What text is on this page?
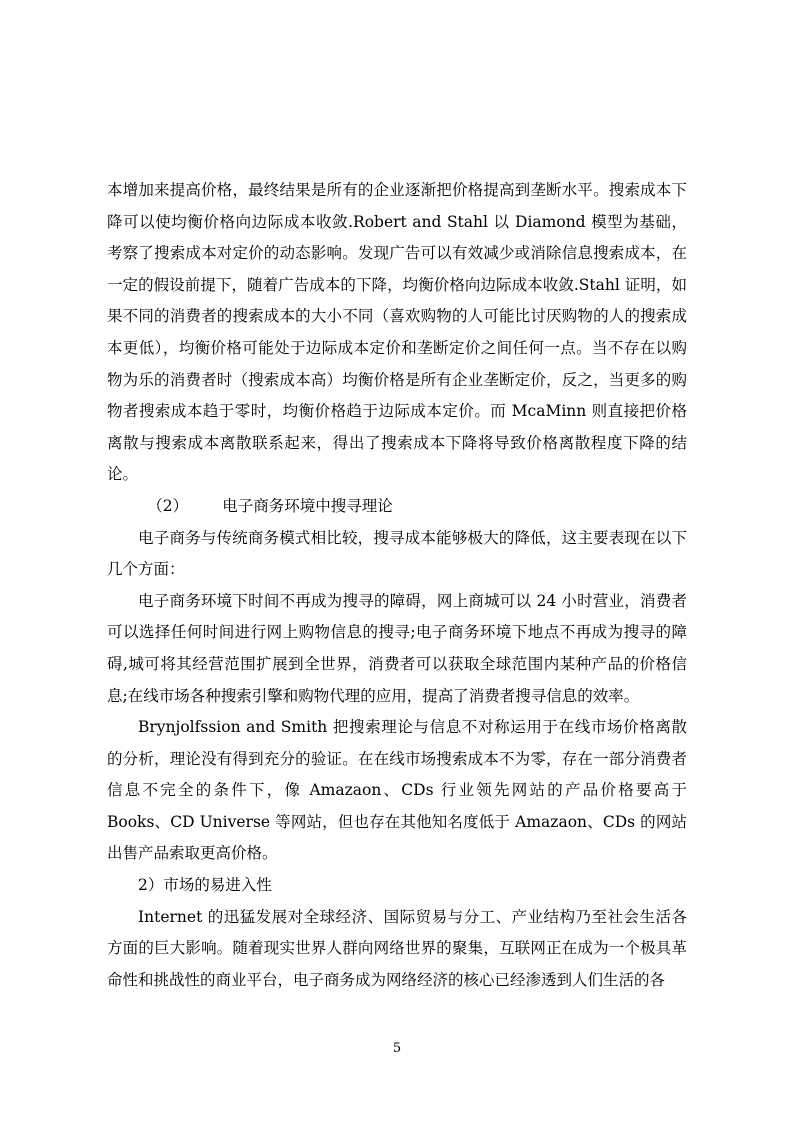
本增加来提高价格，最终结果是所有的企业逐渐把价格提高到垄断水平。搜索成本下降可以使均衡价格向边际成本收敛.Robert and Stahl 以 Diamond 模型为基础，考察了搜索成本对定价的动态影响。发现广告可以有效减少或消除信息搜索成本，在一定的假设前提下，随着广告成本的下降，均衡价格向边际成本收敛.Stahl 证明，如果不同的消费者的搜索成本的大小不同（喜欢购物的人可能比讨厌购物的人的搜索成本更低），均衡价格可能处于边际成本定价和垄断定价之间任何一点。当不存在以购物为乐的消费者时（搜索成本高）均衡价格是所有企业垄断定价，反之，当更多的购物者搜索成本趋于零时，均衡价格趋于边际成本定价。而 McaMinn 则直接把价格离散与搜索成本离散联系起来，得出了搜索成本下降将导致价格离散程度下降的结论。

（2） 电子商务环境中搜寻理论

电子商务与传统商务模式相比较，搜寻成本能够极大的降低，这主要表现在以下几个方面：

电子商务环境下时间不再成为搜寻的障碍，网上商城可以 24 小时营业，消费者可以选择任何时间进行网上购物信息的搜寻;电子商务环境下地点不再成为搜寻的障碍,城可将其经营范围扩展到全世界，消费者可以获取全球范围内某种产品的价格信息;在线市场各种搜索引擎和购物代理的应用，提高了消费者搜寻信息的效率。

Brynjolfssion and Smith 把搜索理论与信息不对称运用于在线市场价格离散的分析，理论没有得到充分的验证。在在线市场搜索成本不为零，存在一部分消费者信息不完全的条件下，像 Amazaon、CDs 行业领先网站的产品价格要高于 Books、CD Universe 等网站，但也存在其他知名度低于 Amazaon、CDs 的网站出售产品索取更高价格。

2）市场的易进入性

Internet 的迅猛发展对全球经济、国际贸易与分工、产业结构乃至社会生活各方面的巨大影响。随着现实世界人群向网络世界的聚集，互联网正在成为一个极具革命性和挑战性的商业平台，电子商务成为网络经济的核心已经渗透到人们生活的各

5
